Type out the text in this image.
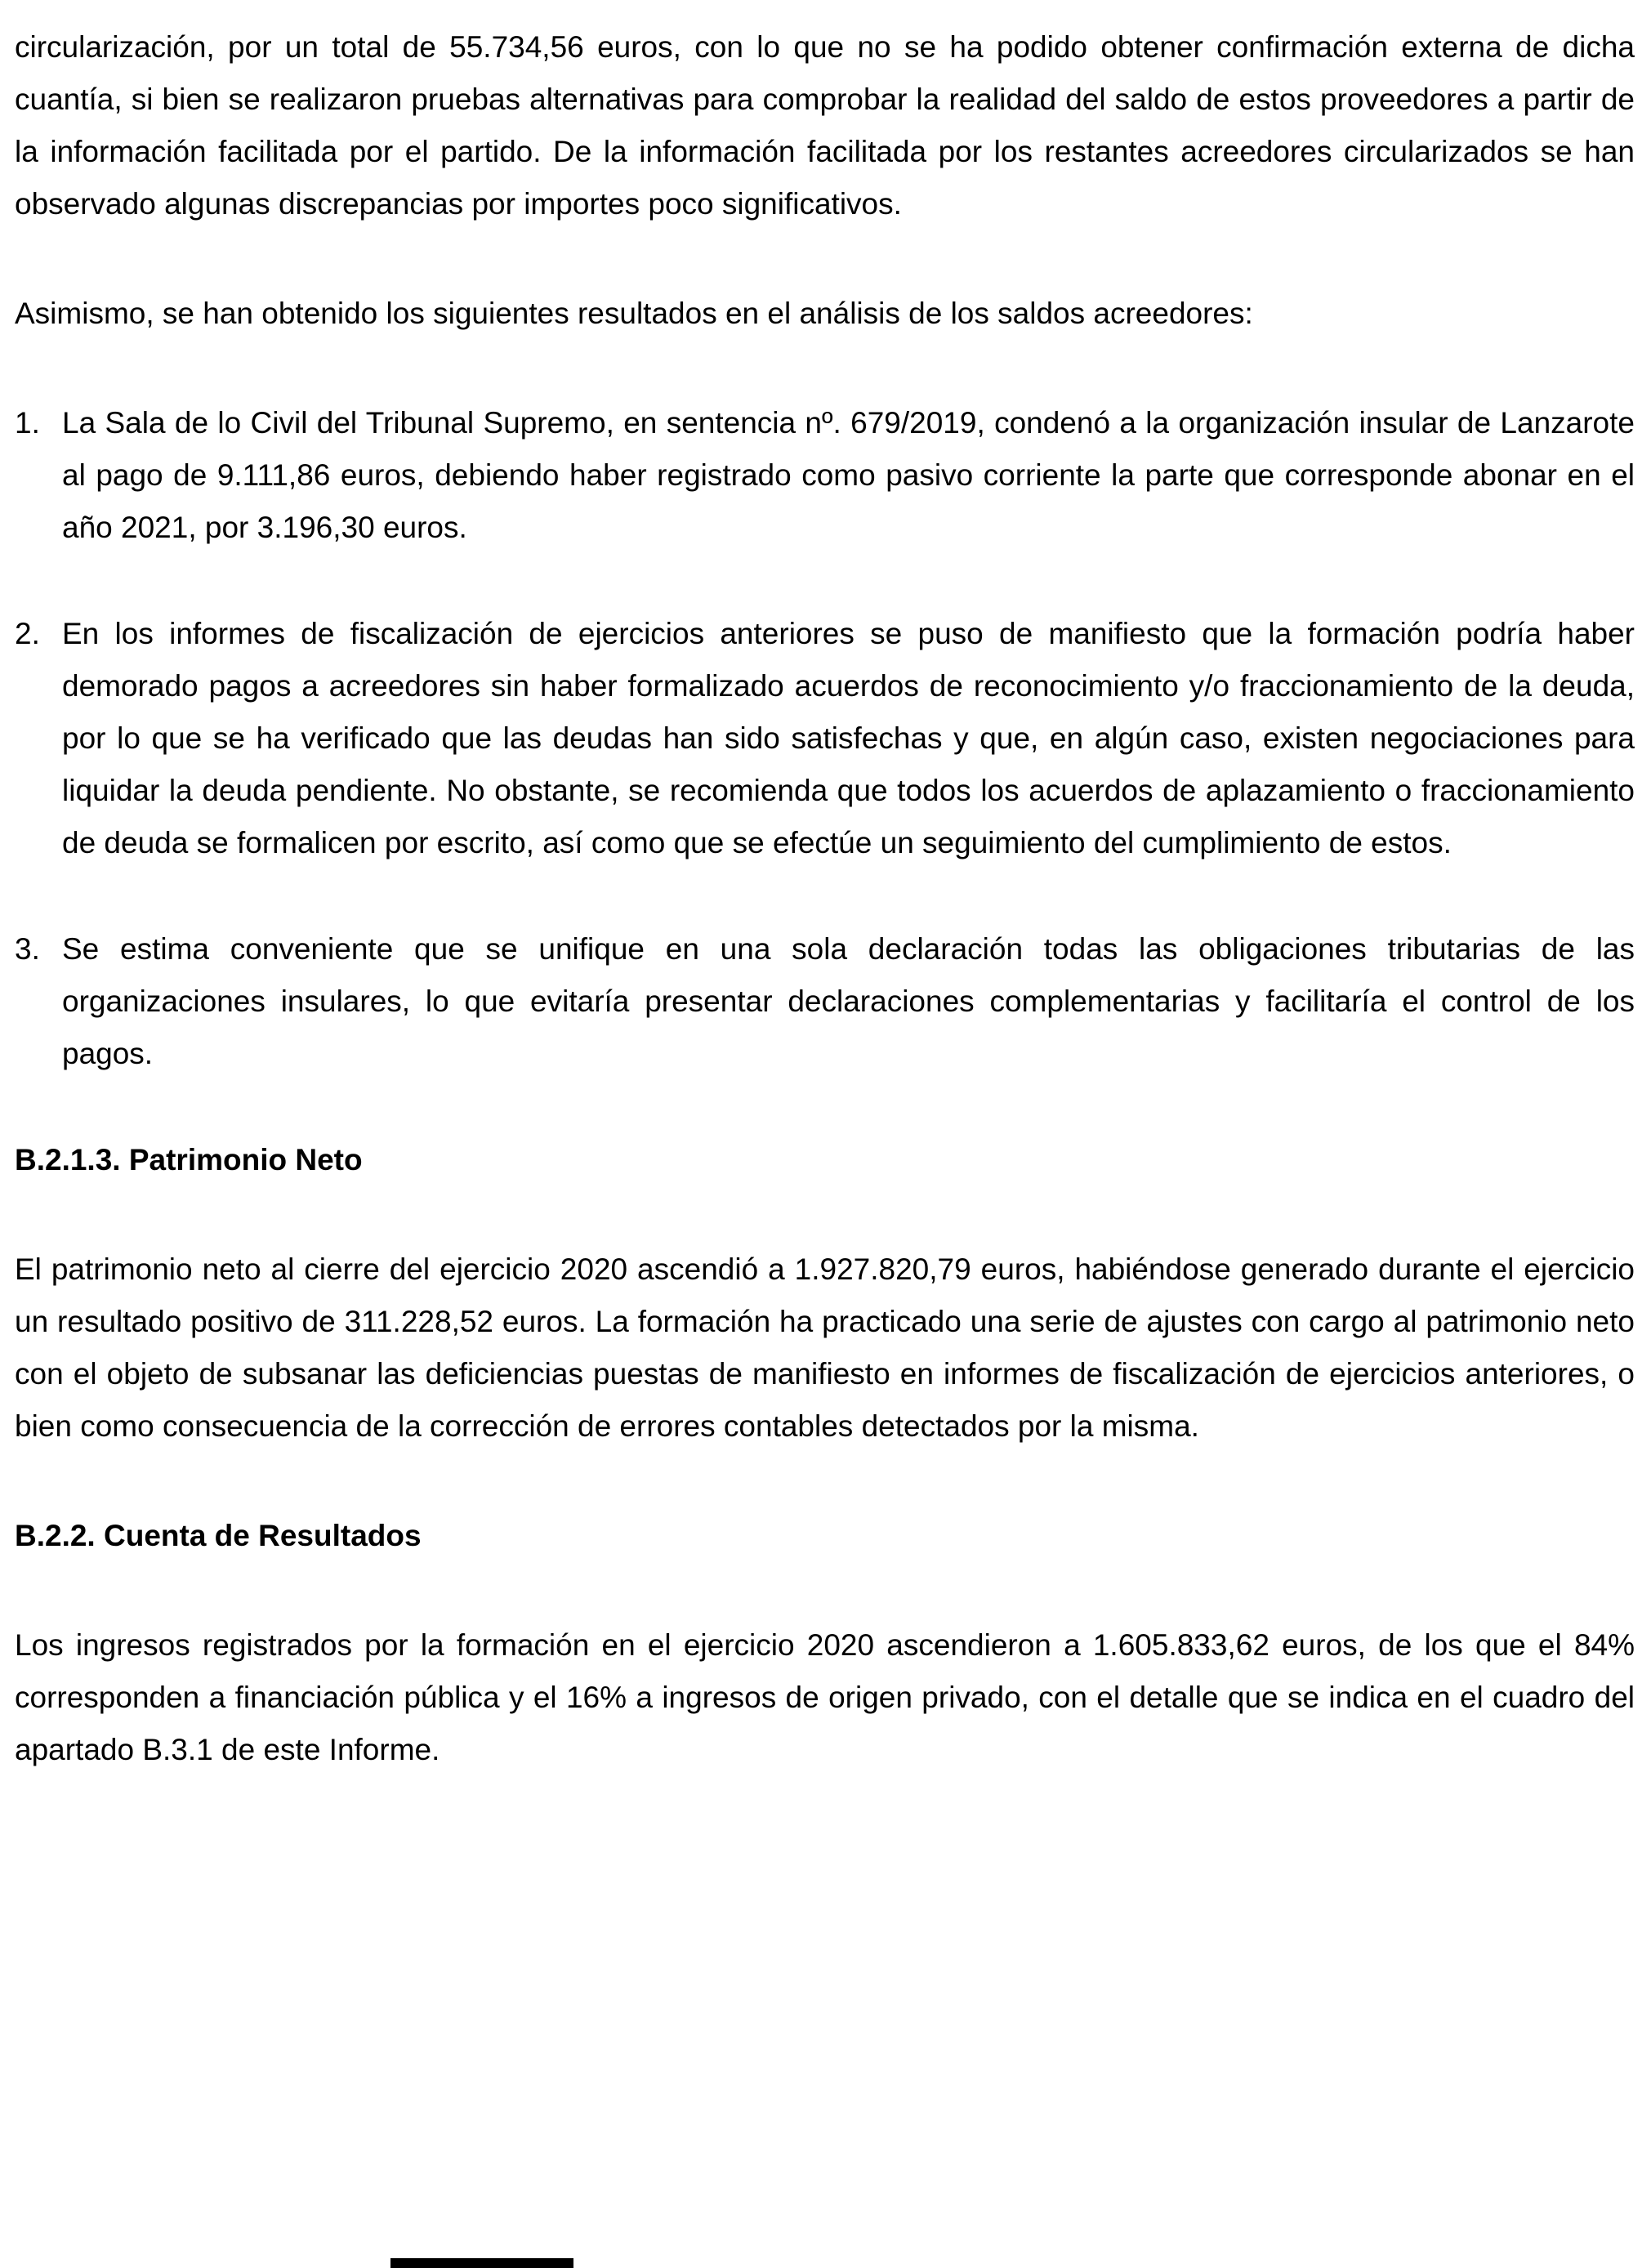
circularización, por un total de 55.734,56 euros, con lo que no se ha podido obtener confirmación externa de dicha cuantía, si bien se realizaron pruebas alternativas para comprobar la realidad del saldo de estos proveedores a partir de la información facilitada por el partido. De la información facilitada por los restantes acreedores circularizados se han observado algunas discrepancias por importes poco significativos.

Asimismo, se han obtenido los siguientes resultados en el análisis de los saldos acreedores:

1. La Sala de lo Civil del Tribunal Supremo, en sentencia nº. 679/2019, condenó a la organización insular de Lanzarote al pago de 9.111,86 euros, debiendo haber registrado como pasivo corriente la parte que corresponde abonar en el año 2021, por 3.196,30 euros.
2. En los informes de fiscalización de ejercicios anteriores se puso de manifiesto que la formación podría haber demorado pagos a acreedores sin haber formalizado acuerdos de reconocimiento y/o fraccionamiento de la deuda, por lo que se ha verificado que las deudas han sido satisfechas y que, en algún caso, existen negociaciones para liquidar la deuda pendiente. No obstante, se recomienda que todos los acuerdos de aplazamiento o fraccionamiento de deuda se formalicen por escrito, así como que se efectúe un seguimiento del cumplimiento de estos.
3. Se estima conveniente que se unifique en una sola declaración todas las obligaciones tributarias de las organizaciones insulares, lo que evitaría presentar declaraciones complementarias y facilitaría el control de los pagos.
B.2.1.3. Patrimonio Neto

El patrimonio neto al cierre del ejercicio 2020 ascendió a 1.927.820,79 euros, habiéndose generado durante el ejercicio un resultado positivo de 311.228,52 euros. La formación ha practicado una serie de ajustes con cargo al patrimonio neto con el objeto de subsanar las deficiencias puestas de manifiesto en informes de fiscalización de ejercicios anteriores, o bien como consecuencia de la corrección de errores contables detectados por la misma.

B.2.2. Cuenta de Resultados

Los ingresos registrados por la formación en el ejercicio 2020 ascendieron a 1.605.833,62 euros, de los que el 84% corresponden a financiación pública y el 16% a ingresos de origen privado, con el detalle que se indica en el cuadro del apartado B.3.1 de este Informe.
